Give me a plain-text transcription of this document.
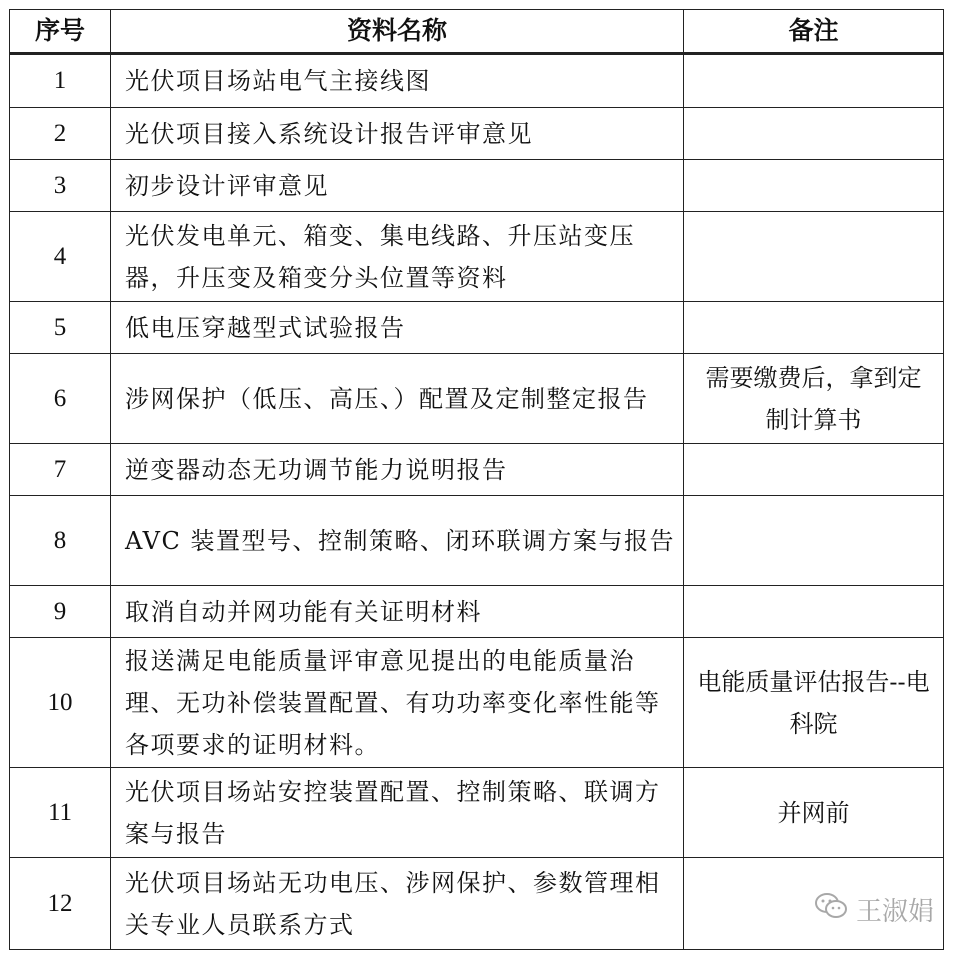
序号	资料名称	备注
1	光伏项目场站电气主接线图	

2	光伏项目接入系统设计报告评审意见	

3	初步设计评审意见	

4	光伏发电单元、箱变、集电线路、升压站变压器，升压变及箱变分头位置等资料	

5	低电压穿越型式试验报告	

6	涉网保护（低压、高压、）配置及定制整定报告	需要缴费后，拿到定制计算书

7	逆变器动态无功调节能力说明报告	

8	AVC 装置型号、控制策略、闭环联调方案与报告	

9	取消自动并网功能有关证明材料	

10	报送满足电能质量评审意见提出的电能质量治理、无功补偿装置配置、有功功率变化率性能等各项要求的证明材料。	电能质量评估报告--电科院

11	光伏项目场站安控装置配置、控制策略、联调方案与报告	并网前

12	光伏项目场站无功电压、涉网保护、参数管理相关专业人员联系方式	
		王淑娟
